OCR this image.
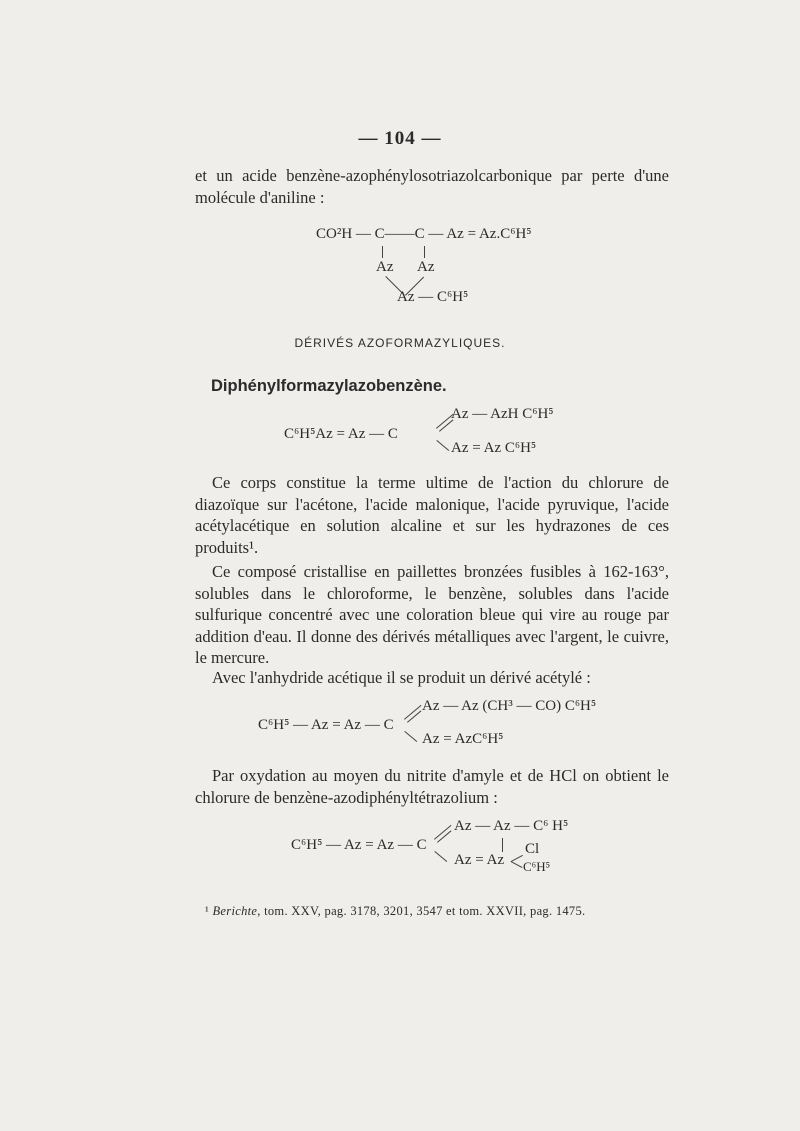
— 104 —

et un acide benzène-azophénylosotriazolcarbonique par perte d'une molécule d'aniline :

CO²H — C——C — Az = Az.C⁶H⁵
Az Az
Az — C⁶H⁵
DÉRIVÉS AZOFORMAZYLIQUES.
Diphénylformazylazobenzène.
C⁶H⁵Az = Az — C
Az — AzH C⁶H⁵
Az = Az C⁶H⁵

Ce corps constitue la terme ultime de l'action du chlorure de diazoïque sur l'acétone, l'acide malonique, l'acide pyruvique, l'acide acétylacétique en solution alcaline et sur les hydrazones de ces produits¹.

Ce composé cristallise en paillettes bronzées fusibles à 162-163°, solubles dans le chloroforme, le benzène, solubles dans l'acide sulfurique concentré avec une coloration bleue qui vire au rouge par addition d'eau. Il donne des dérivés métalliques avec l'argent, le cuivre, le mercure.

Avec l'anhydride acétique il se produit un dérivé acétylé :

C⁶H⁵ — Az = Az — C
Az — Az (CH³ — CO) C⁶H⁵
Az = AzC⁶H⁵

Par oxydation au moyen du nitrite d'amyle et de HCl on obtient le chlorure de benzène-azodiphényltétrazolium :

C⁶H⁵ — Az = Az — C
Az — Az — C⁶ H⁵
Az = Az
Cl
C⁶H⁵
¹ Berichte, tom. XXV, pag. 3178, 3201, 3547 et tom. XXVII, pag. 1475.
